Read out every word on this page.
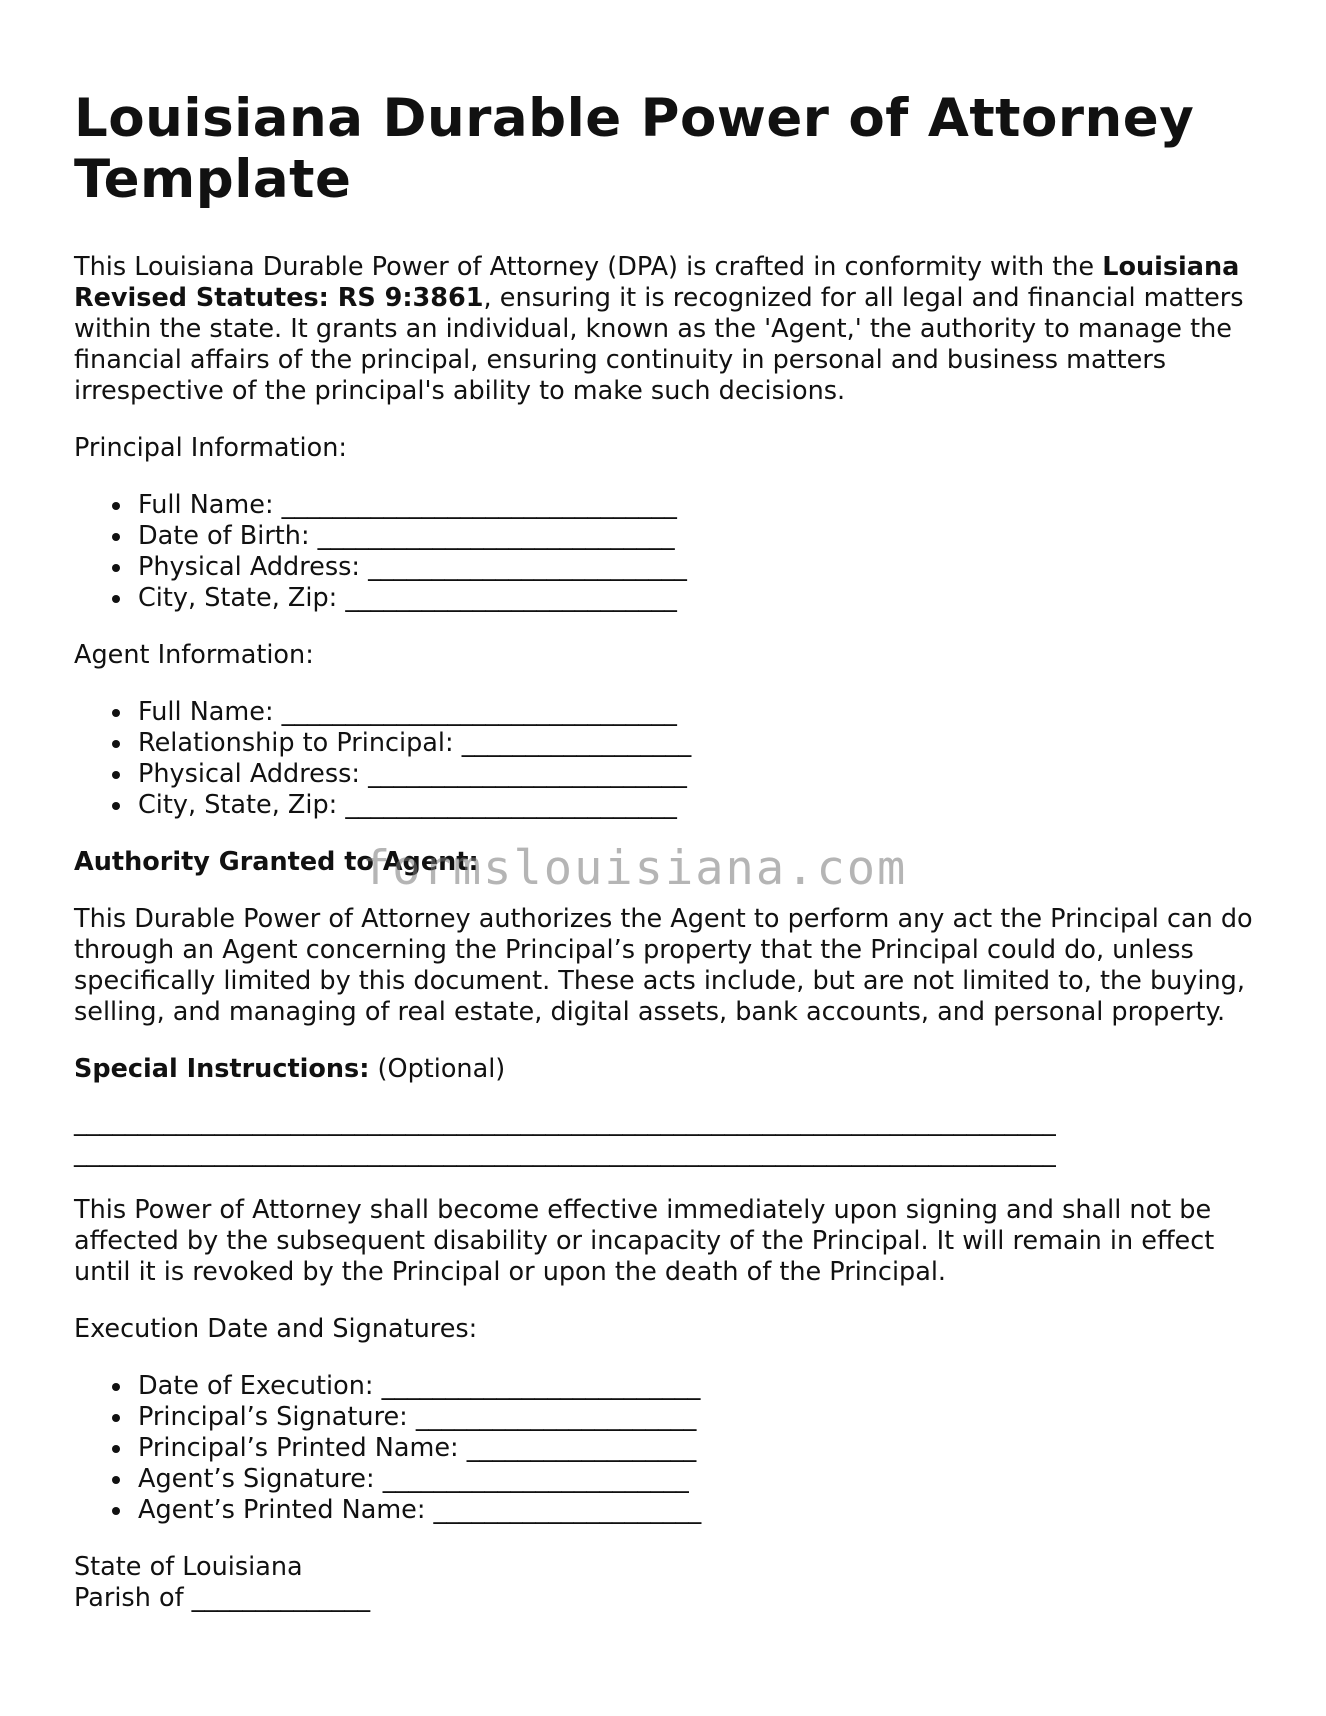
Louisiana Durable Power of Attorney Template

This Louisiana Durable Power of Attorney (DPA) is crafted in conformity with the Louisiana Revised Statutes: RS 9:3861, ensuring it is recognized for all legal and financial matters within the state. It grants an individual, known as the 'Agent,' the authority to manage the financial affairs of the principal, ensuring continuity in personal and business matters irrespective of the principal's ability to make such decisions.

Principal Information:

Full Name: _______________________________
Date of Birth: ____________________________
Physical Address: _________________________
City, State, Zip: __________________________

Agent Information:

Full Name: _______________________________
Relationship to Principal: __________________
Physical Address: _________________________
City, State, Zip: __________________________

Authority Granted to Agent:

This Durable Power of Attorney authorizes the Agent to perform any act the Principal can do through an Agent concerning the Principal’s property that the Principal could do, unless specifically limited by this document. These acts include, but are not limited to, the buying, selling, and managing of real estate, digital assets, bank accounts, and personal property.

Special Instructions: (Optional)

_____________________________________________________________________________

_____________________________________________________________________________

This Power of Attorney shall become effective immediately upon signing and shall not be affected by the subsequent disability or incapacity of the Principal. It will remain in effect until it is revoked by the Principal or upon the death of the Principal.

Execution Date and Signatures:

Date of Execution: _________________________
Principal’s Signature: ______________________
Principal’s Printed Name: __________________
Agent’s Signature: ________________________
Agent’s Printed Name: _____________________

State of Louisiana

Parish of ______________

formslouisiana.com
